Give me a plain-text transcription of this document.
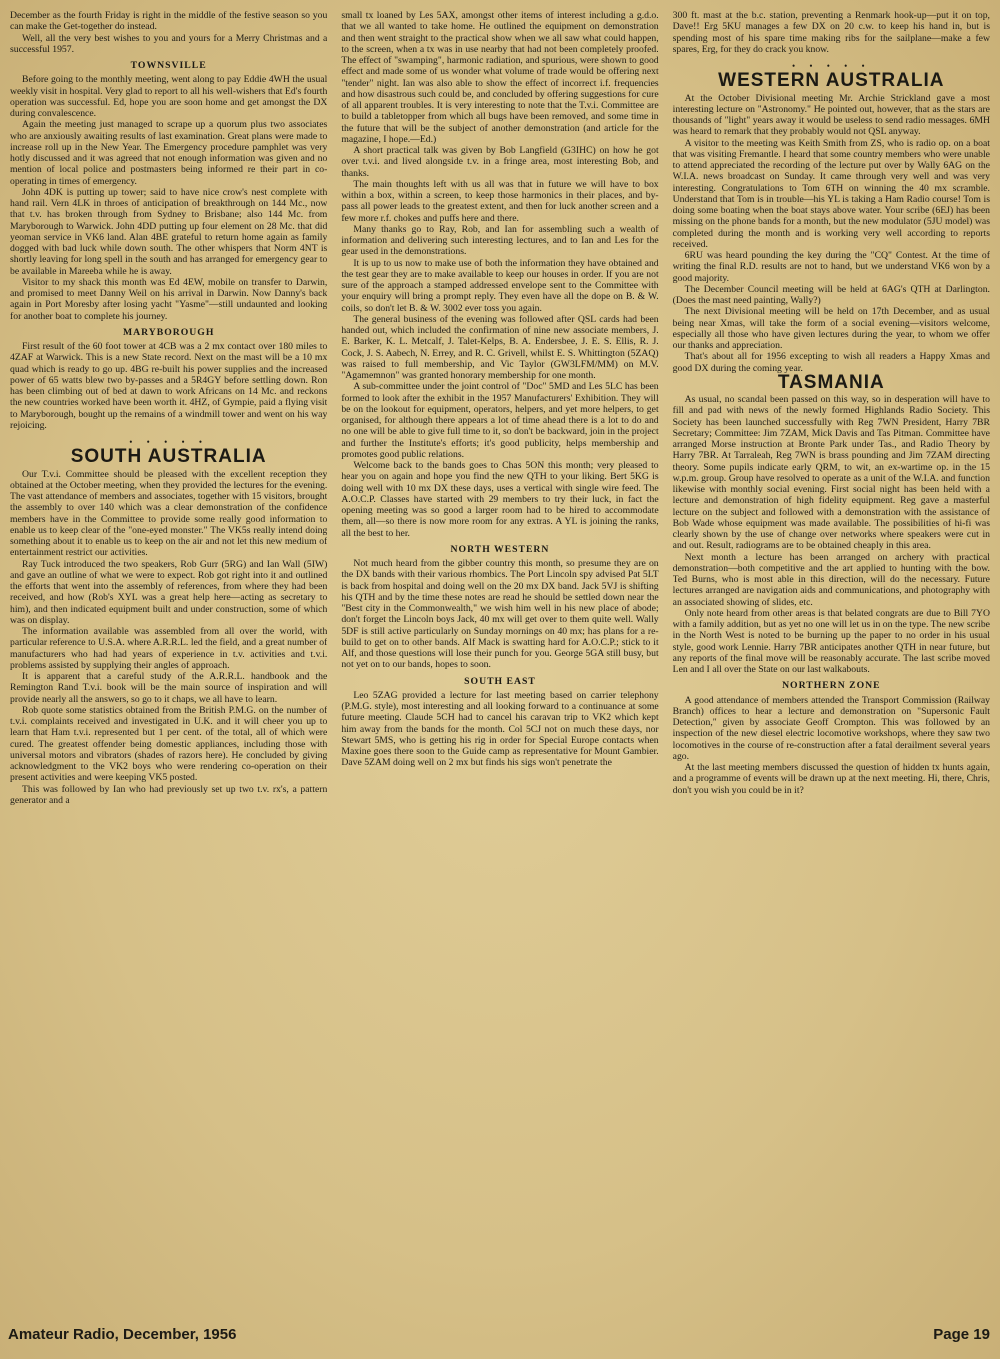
December as the fourth Friday is right in the middle of the festive season so you can make the Get-together do instead.

Well, all the very best wishes to you and yours for a Merry Christmas and a successful 1957.

TOWNSVILLE

Before going to the monthly meeting, went along to pay Eddie 4WH the usual weekly visit in hospital. Very glad to report to all his well-wishers that Ed's fourth operation was successful. Ed, hope you are soon home and get amongst the DX during convalescence.

Again the meeting just managed to scrape up a quorum plus two associates who are anxiously awaiting results of last examination. Great plans were made to increase roll up in the New Year. The Emergency procedure pamphlet was very hotly discussed and it was agreed that not enough information was given and no mention of local police and postmasters being informed re their part in co-operating in times of emergency.

John 4DK is putting up tower; said to have nice crow's nest complete with hand rail. Vern 4LK in throes of anticipation of breakthrough on 144 Mc., now that t.v. has broken through from Sydney to Brisbane; also 144 Mc. from Maryborough to Warwick. John 4DD putting up four element on 28 Mc. that did yeoman service in VK6 land. Alan 4BE grateful to return home again as family dogged with bad luck while down south. The other whispers that Norm 4NT is shortly leaving for long spell in the south and has arranged for emergency gear to be available in Mareeba while he is away.

Visitor to my shack this month was Ed 4EW, mobile on transfer to Darwin, and promised to meet Danny Weil on his arrival in Darwin. Now Danny's back again in Port Moresby after losing yacht "Yasme"—still undaunted and looking for another boat to complete his journey.

MARYBOROUGH

First result of the 60 foot tower at 4CB was a 2 mx contact over 180 miles to 4ZAF at Warwick. This is a new State record. Next on the mast will be a 10 mx quad which is ready to go up. 4BG re-built his power supplies and the increased power of 65 watts blew two by-passes and a 5R4GY before settling down. Ron has been climbing out of bed at dawn to work Africans on 14 Mc. and reckons the new countries worked have been worth it. 4HZ, of Gympie, paid a flying visit to Maryborough, bought up the remains of a windmill tower and went on his way rejoicing.

• • • • •
SOUTH AUSTRALIA

Our T.v.i. Committee should be pleased with the excellent reception they obtained at the October meeting, when they provided the lectures for the evening. The vast attendance of members and associates, together with 15 visitors, brought the assembly to over 140 which was a clear demonstration of the confidence members have in the Committee to provide some really good information to enable us to keep clear of the "one-eyed monster." The VK5s really intend doing something about it to enable us to keep on the air and not let this new medium of entertainment restrict our activities.

Ray Tuck introduced the two speakers, Rob Gurr (5RG) and Ian Wall (5IW) and gave an outline of what we were to expect. Rob got right into it and outlined the efforts that went into the assembly of references, from where they had been received, and how (Rob's XYL was a great help here—acting as secretary to him), and then indicated equipment built and under construction, some of which was on display.

The information available was assembled from all over the world, with particular reference to U.S.A. where A.R.R.L. led the field, and a great number of manufacturers who had had years of experience in t.v. activities and t.v.i. problems assisted by supplying their angles of approach.

It is apparent that a careful study of the A.R.R.L. handbook and the Remington Rand T.v.i. book will be the main source of inspiration and will provide nearly all the answers, so go to it chaps, we all have to learn.

Rob quote some statistics obtained from the British P.M.G. on the number of t.v.i. complaints received and investigated in U.K. and it will cheer you up to learn that Ham t.v.i. represented but 1 per cent. of the total, all of which were cured. The greatest offender being domestic appliances, including those with universal motors and vibrators (shades of razors here). He concluded by giving acknowledgment to the VK2 boys who were rendering co-operation on their present activities and were keeping VK5 posted.

This was followed by Ian who had previously set up two t.v. rx's, a pattern generator and a

small tx loaned by Les 5AX, amongst other items of interest including a g.d.o. that we all wanted to take home. He outlined the equipment on demonstration and then went straight to the practical show when we all saw what could happen, to the screen, when a tx was in use nearby that had not been completely proofed. The effect of "swamping", harmonic radiation, and spurious, were shown to good effect and made some of us wonder what volume of trade would be offering next "tender" night. Ian was also able to show the effect of incorrect i.f. frequencies and how disastrous such could be, and concluded by offering suggestions for cure of all apparent troubles. It is very interesting to note that the T.v.i. Committee are to build a tabletopper from which all bugs have been removed, and some time in the future that will be the subject of another demonstration (and article for the magazine, I hope.—Ed.)

A short practical talk was given by Bob Langfield (G3IHC) on how he got over t.v.i. and lived alongside t.v. in a fringe area, most interesting Bob, and thanks.

The main thoughts left with us all was that in future we will have to box within a box, within a screen, to keep those harmonics in their places, and by-pass all power leads to the greatest extent, and then for luck another screen and a few more r.f. chokes and puffs here and there.

Many thanks go to Ray, Rob, and Ian for assembling such a wealth of information and delivering such interesting lectures, and to Ian and Les for the gear used in the demonstrations.

It is up to us now to make use of both the information they have obtained and the test gear they are to make available to keep our houses in order. If you are not sure of the approach a stamped addressed envelope sent to the Committee with your enquiry will bring a prompt reply. They even have all the dope on B. & W. coils, so don't let B. & W. 3002 ever toss you again.

The general business of the evening was followed after QSL cards had been handed out, which included the confirmation of nine new associate members, J. E. Barker, K. L. Metcalf, J. Talet-Kelps, B. A. Endersbee, J. E. S. Ellis, R. J. Cock, J. S. Aabech, N. Errey, and R. C. Grivell, whilst E. S. Whittington (5ZAQ) was raised to full membership, and Vic Taylor (GW3LFM/MM) on M.V. "Agamemnon" was granted honorary membership for one month.

A sub-committee under the joint control of "Doc" 5MD and Les 5LC has been formed to look after the exhibit in the 1957 Manufacturers' Exhibition. They will be on the lookout for equipment, operators, helpers, and yet more helpers, to get organised, for although there appears a lot of time ahead there is a lot to do and no one will be able to give full time to it, so don't be backward, join in the project and further the Institute's efforts; it's good publicity, helps membership and promotes good public relations.

Welcome back to the bands goes to Chas 5ON this month; very pleased to hear you on again and hope you find the new QTH to your liking. Bert 5KG is doing well with 10 mx DX these days, uses a vertical with single wire feed. The A.O.C.P. Classes have started with 29 members to try their luck, in fact the opening meeting was so good a larger room had to be hired to accommodate them, all—so there is now more room for any extras. A YL is joining the ranks, all the best to her.

NORTH WESTERN

Not much heard from the gibber country this month, so presume they are on the DX bands with their various rhombics. The Port Lincoln spy advised Pat 5LT is back from hospital and doing well on the 20 mx DX band. Jack 5VJ is shifting his QTH and by the time these notes are read he should be settled down near the "Best city in the Commonwealth," we wish him well in his new place of abode; don't forget the Lincoln boys Jack, 40 mx will get over to them quite well. Wally 5DF is still active particularly on Sunday mornings on 40 mx; has plans for a re-build to get on to other bands. Alf Mack is swatting hard for A.O.C.P.; stick to it Alf, and those questions will lose their punch for you. George 5GA still busy, but not yet on to our bands, hopes to soon.

SOUTH EAST

Leo 5ZAG provided a lecture for last meeting based on carrier telephony (P.M.G. style), most interesting and all looking forward to a continuance at some future meeting. Claude 5CH had to cancel his caravan trip to VK2 which kept him away from the bands for the month. Col 5CJ not on much these days, nor Stewart 5MS, who is getting his rig in order for Special Europe contacts when Maxine goes there soon to the Guide camp as representative for Mount Gambier. Dave 5ZAM doing well on 2 mx but finds his sigs won't penetrate the

300 ft. mast at the b.c. station, preventing a Renmark hook-up—put it on top, Dave!! Erg 5KU manages a few DX on 20 c.w. to keep his hand in, but is spending most of his spare time making ribs for the sailplane—make a few spares, Erg, for they do crack you know.

• • • • •
WESTERN AUSTRALIA

At the October Divisional meeting Mr. Archie Strickland gave a most interesting lecture on "Astronomy." He pointed out, however, that as the stars are thousands of "light" years away it would be useless to send radio messages. 6MH was heard to remark that they probably would not QSL anyway.

A visitor to the meeting was Keith Smith from ZS, who is radio op. on a boat that was visiting Fremantle. I heard that some country members who were unable to attend appreciated the recording of the lecture put over by Wally 6AG on the W.I.A. news broadcast on Sunday. It came through very well and was very interesting. Congratulations to Tom 6TH on winning the 40 mx scramble. Understand that Tom is in trouble—his YL is taking a Ham Radio course! Tom is doing some boating when the boat stays above water. Your scribe (6EJ) has been missing on the phone bands for a month, but the new modulator (5JU model) was completed during the month and is working very well according to reports received.

6RU was heard pounding the key during the "CQ" Contest. At the time of writing the final R.D. results are not to hand, but we understand VK6 won by a good majority.

The December Council meeting will be held at 6AG's QTH at Darlington. (Does the mast need painting, Wally?)

The next Divisional meeting will be held on 17th December, and as usual being near Xmas, will take the form of a social evening—visitors welcome, especially all those who have given lectures during the year, to whom we offer our thanks and appreciation.

That's about all for 1956 excepting to wish all readers a Happy Xmas and good DX during the coming year.

TASMANIA

As usual, no scandal been passed on this way, so in desperation will have to fill and pad with news of the newly formed Highlands Radio Society. This Society has been launched successfully with Reg 7WN President, Harry 7BR Secretary; Committee: Jim 7ZAM, Mick Davis and Tas Pitman. Committee have arranged Morse instruction at Bronte Park under Tas., and Radio Theory by Harry 7BR. At Tarraleah, Reg 7WN is brass pounding and Jim 7ZAM directing theory. Some pupils indicate early QRM, to wit, an ex-wartime op. in the 15 w.p.m. group. Group have resolved to operate as a unit of the W.I.A. and function likewise with monthly social evening. First social night has been held with a lecture and demonstration of high fidelity equipment. Reg gave a masterful lecture on the subject and followed with a demonstration with the assistance of Bob Wade whose equipment was made available. The possibilities of hi-fi was clearly shown by the use of change over networks where speakers were cut in and out. Result, radiograms are to be obtained cheaply in this area.

Next month a lecture has been arranged on archery with practical demonstration—both competitive and the art applied to hunting with the bow. Ted Burns, who is most able in this direction, will do the necessary. Future lectures arranged are navigation aids and communications, and photography with an associated showing of slides, etc.

Only note heard from other areas is that belated congrats are due to Bill 7YO with a family addition, but as yet no one will let us in on the type. The new scribe in the North West is noted to be burning up the paper to no order in his usual style, good work Lennie. Harry 7BR anticipates another QTH in near future, but any reports of the final move will be reasonably accurate. The last scribe moved Len and I all over the State on our last walkabouts.

NORTHERN ZONE

A good attendance of members attended the Transport Commission (Railway Branch) offices to hear a lecture and demonstration on "Supersonic Fault Detection," given by associate Geoff Crompton. This was followed by an inspection of the new diesel electric locomotive workshops, where they saw two locomotives in the course of re-construction after a fatal derailment several years ago.

At the last meeting members discussed the question of hidden tx hunts again, and a programme of events will be drawn up at the next meeting. Hi, there, Chris, don't you wish you could be in it?

Amateur Radio, December, 1956	Page 19
